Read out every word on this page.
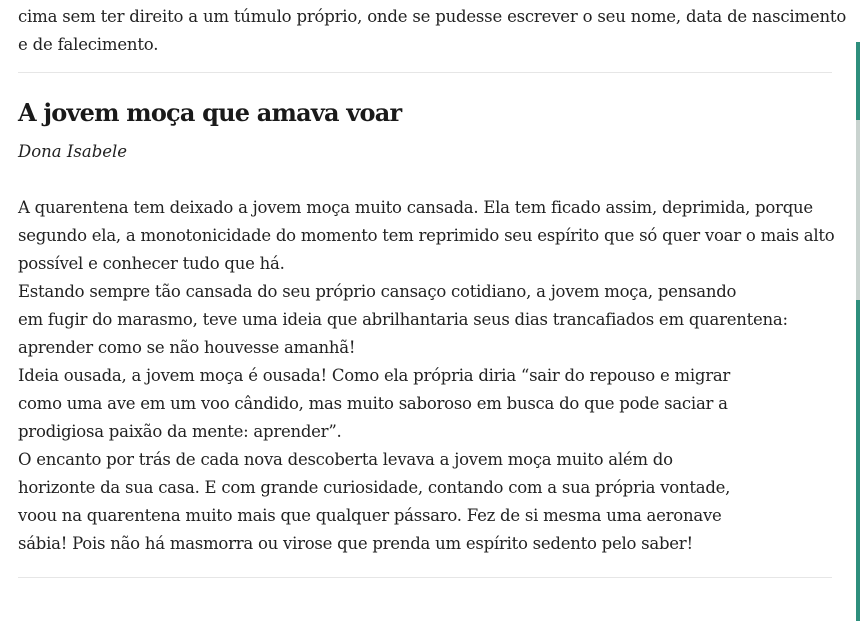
cima sem ter direito a um túmulo próprio, onde se pudesse escrever o seu nome, data de nascimento
e de falecimento.

A jovem moça que amava voar

Dona Isabele

A quarentena tem deixado a jovem moça muito cansada. Ela tem ficado assim, deprimida, porque
segundo ela, a monotonicidade do momento tem reprimido seu espírito que só quer voar o mais alto
possível e conhecer tudo que há.
Estando sempre tão cansada do seu próprio cansaço cotidiano, a jovem moça, pensando
em fugir do marasmo, teve uma ideia que abrilhantaria seus dias trancafiados em quarentena:
aprender como se não houvesse amanhã!
Ideia ousada, a jovem moça é ousada! Como ela própria diria “sair do repouso e migrar
como uma ave em um voo cândido, mas muito saboroso em busca do que pode saciar a
prodigiosa paixão da mente: aprender”.
O encanto por trás de cada nova descoberta levava a jovem moça muito além do
horizonte da sua casa. E com grande curiosidade, contando com a sua própria vontade,
voou na quarentena muito mais que qualquer pássaro. Fez de si mesma uma aeronave
sábia! Pois não há masmorra ou virose que prenda um espírito sedento pelo saber!
